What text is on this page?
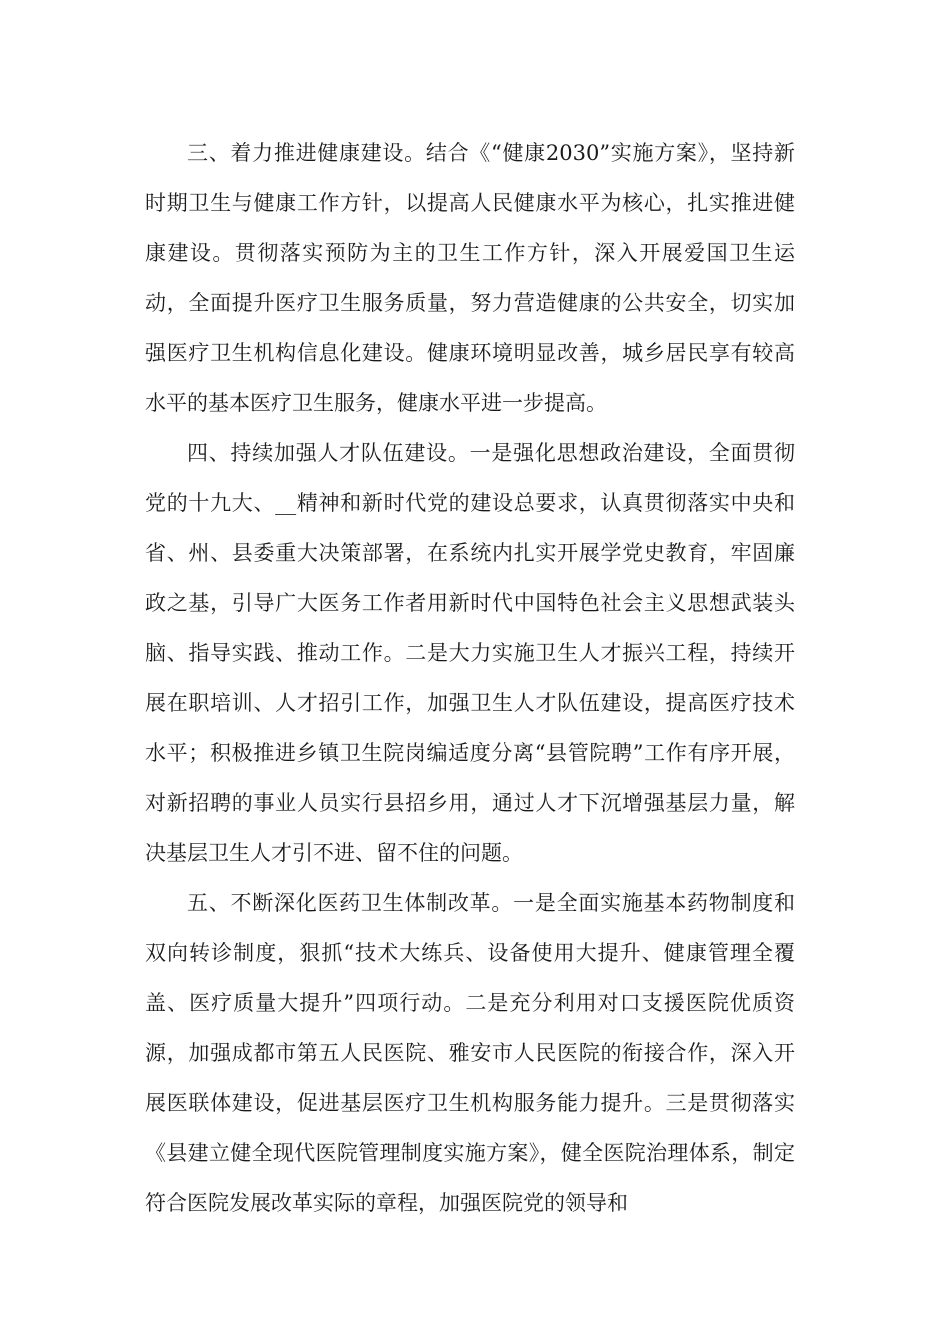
三、着力推进健康建设。结合《“健康2030”实施方案》，坚持新时期卫生与健康工作方针，以提高人民健康水平为核心，扎实推进健康建设。贯彻落实预防为主的卫生工作方针，深入开展爱国卫生运动，全面提升医疗卫生服务质量，努力营造健康的公共安全，切实加强医疗卫生机构信息化建设。健康环境明显改善，城乡居民享有较高水平的基本医疗卫生服务，健康水平进一步提高。

四、持续加强人才队伍建设。一是强化思想政治建设，全面贯彻党的十九大、__精神和新时代党的建设总要求，认真贯彻落实中央和省、州、县委重大决策部署，在系统内扎实开展学党史教育，牢固廉政之基，引导广大医务工作者用新时代中国特色社会主义思想武装头脑、指导实践、推动工作。二是大力实施卫生人才振兴工程，持续开展在职培训、人才招引工作，加强卫生人才队伍建设，提高医疗技术水平；积极推进乡镇卫生院岗编适度分离“县管院聘”工作有序开展，对新招聘的事业人员实行县招乡用，通过人才下沉增强基层力量，解决基层卫生人才引不进、留不住的问题。

五、不断深化医药卫生体制改革。一是全面实施基本药物制度和双向转诊制度，狠抓“技术大练兵、设备使用大提升、健康管理全覆盖、医疗质量大提升”四项行动。二是充分利用对口支援医院优质资源，加强成都市第五人民医院、雅安市人民医院的衔接合作，深入开展医联体建设，促进基层医疗卫生机构服务能力提升。三是贯彻落实《县建立健全现代医院管理制度实施方案》，健全医院治理体系，制定符合医院发展改革实际的章程，加强医院党的领导和
